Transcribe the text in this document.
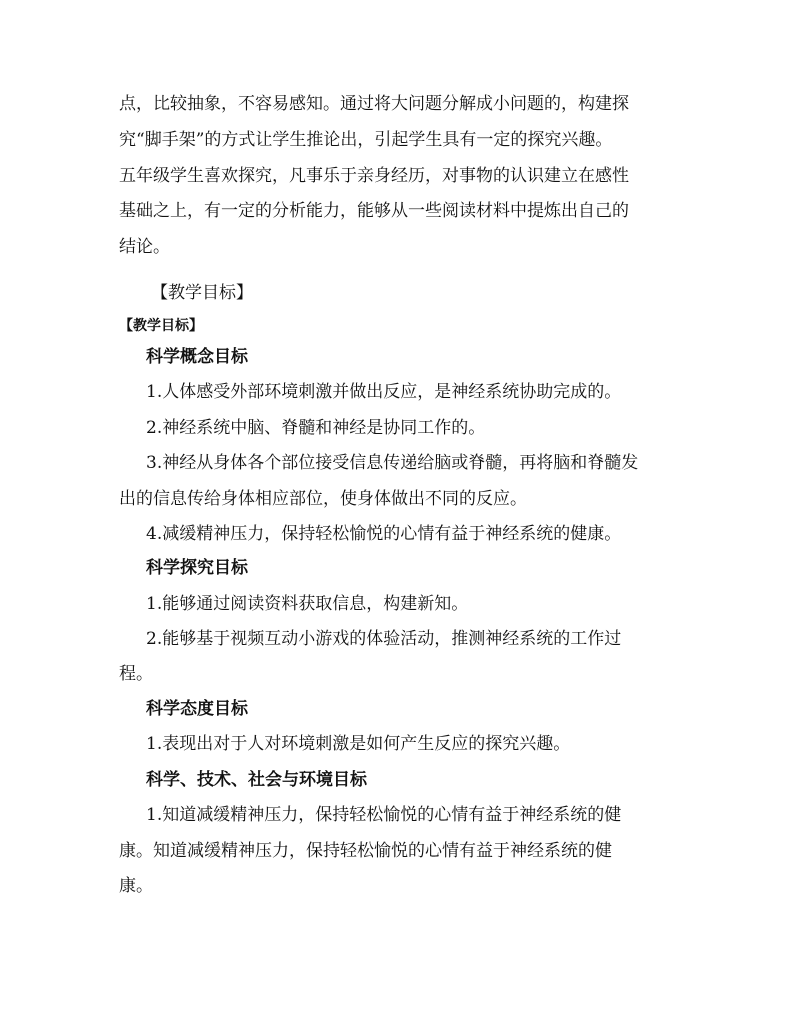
点，比较抽象，不容易感知。通过将大问题分解成小问题的，构建探
究“脚手架”的方式让学生推论出，引起学生具有一定的探究兴趣。
五年级学生喜欢探究，凡事乐于亲身经历，对事物的认识建立在感性
基础之上，有一定的分析能力，能够从一些阅读材料中提炼出自己的
结论。
【教学目标】
【教学目标】
科学概念目标
1.人体感受外部环境刺激并做出反应，是神经系统协助完成的。
2.神经系统中脑、脊髓和神经是协同工作的。
3.神经从身体各个部位接受信息传递给脑或脊髓，再将脑和脊髓发
出的信息传给身体相应部位，使身体做出不同的反应。
4.减缓精神压力，保持轻松愉悦的心情有益于神经系统的健康。
科学探究目标
1.能够通过阅读资料获取信息，构建新知。
2.能够基于视频互动小游戏的体验活动，推测神经系统的工作过
程。
科学态度目标
1.表现出对于人对环境刺激是如何产生反应的探究兴趣。
科学、技术、社会与环境目标
1.知道减缓精神压力，保持轻松愉悦的心情有益于神经系统的健
康。知道减缓精神压力，保持轻松愉悦的心情有益于神经系统的健
康。
